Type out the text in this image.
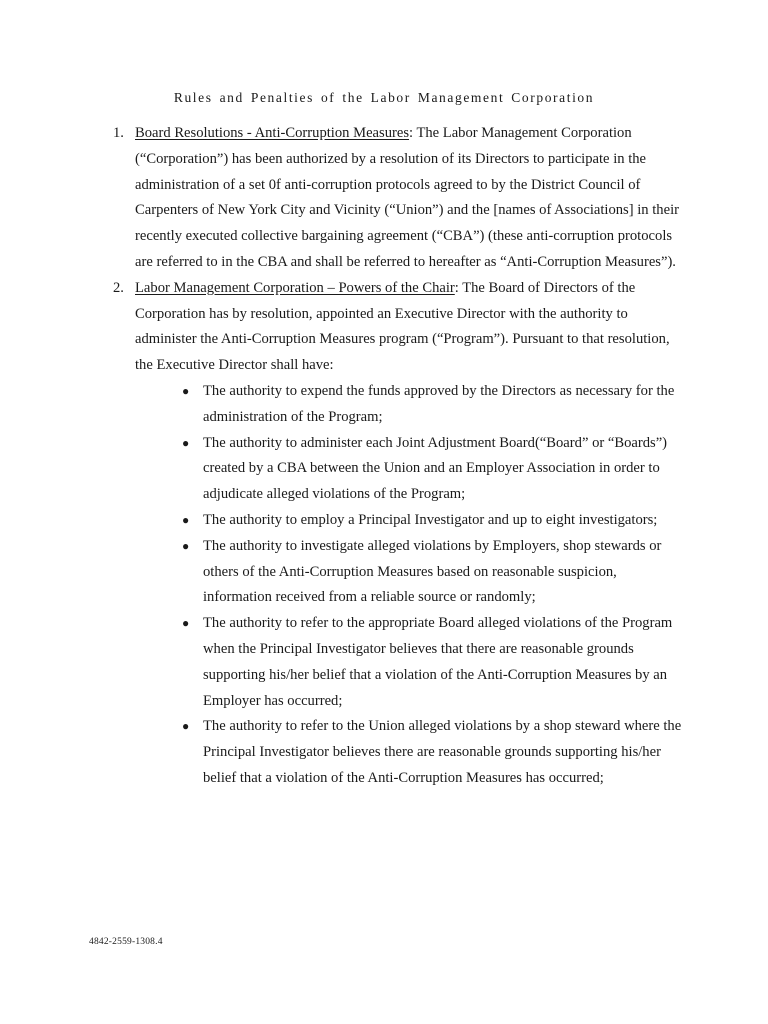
Rules and Penalties of the Labor Management Corporation
1. Board Resolutions - Anti-Corruption Measures: The Labor Management Corporation (“Corporation”) has been authorized by a resolution of its Directors to participate in the administration of a set 0f anti-corruption protocols agreed to by the District Council of Carpenters of New York City and Vicinity (“Union”) and the [names of Associations] in their recently executed collective bargaining agreement (“CBA”) (these anti-corruption protocols are referred to in the CBA and shall be referred to hereafter as “Anti-Corruption Measures”).
2. Labor Management Corporation – Powers of the Chair: The Board of Directors of the Corporation has by resolution, appointed an Executive Director with the authority to administer the Anti-Corruption Measures program (“Program”). Pursuant to that resolution, the Executive Director shall have:
● The authority to expend the funds approved by the Directors as necessary for the administration of the Program;
● The authority to administer each Joint Adjustment Board(“Board” or “Boards”) created by a CBA between the Union and an Employer Association in order to adjudicate alleged violations of the Program;
● The authority to employ a Principal Investigator and up to eight investigators;
● The authority to investigate alleged violations by Employers, shop stewards or others of the Anti-Corruption Measures based on reasonable suspicion, information received from a reliable source or randomly;
● The authority to refer to the appropriate Board alleged violations of the Program when the Principal Investigator believes that there are reasonable grounds supporting his/her belief that a violation of the Anti-Corruption Measures by an Employer has occurred;
● The authority to refer to the Union alleged violations by a shop steward where the Principal Investigator believes there are reasonable grounds supporting his/her belief that a violation of the Anti-Corruption Measures has occurred;
4842-2559-1308.4
